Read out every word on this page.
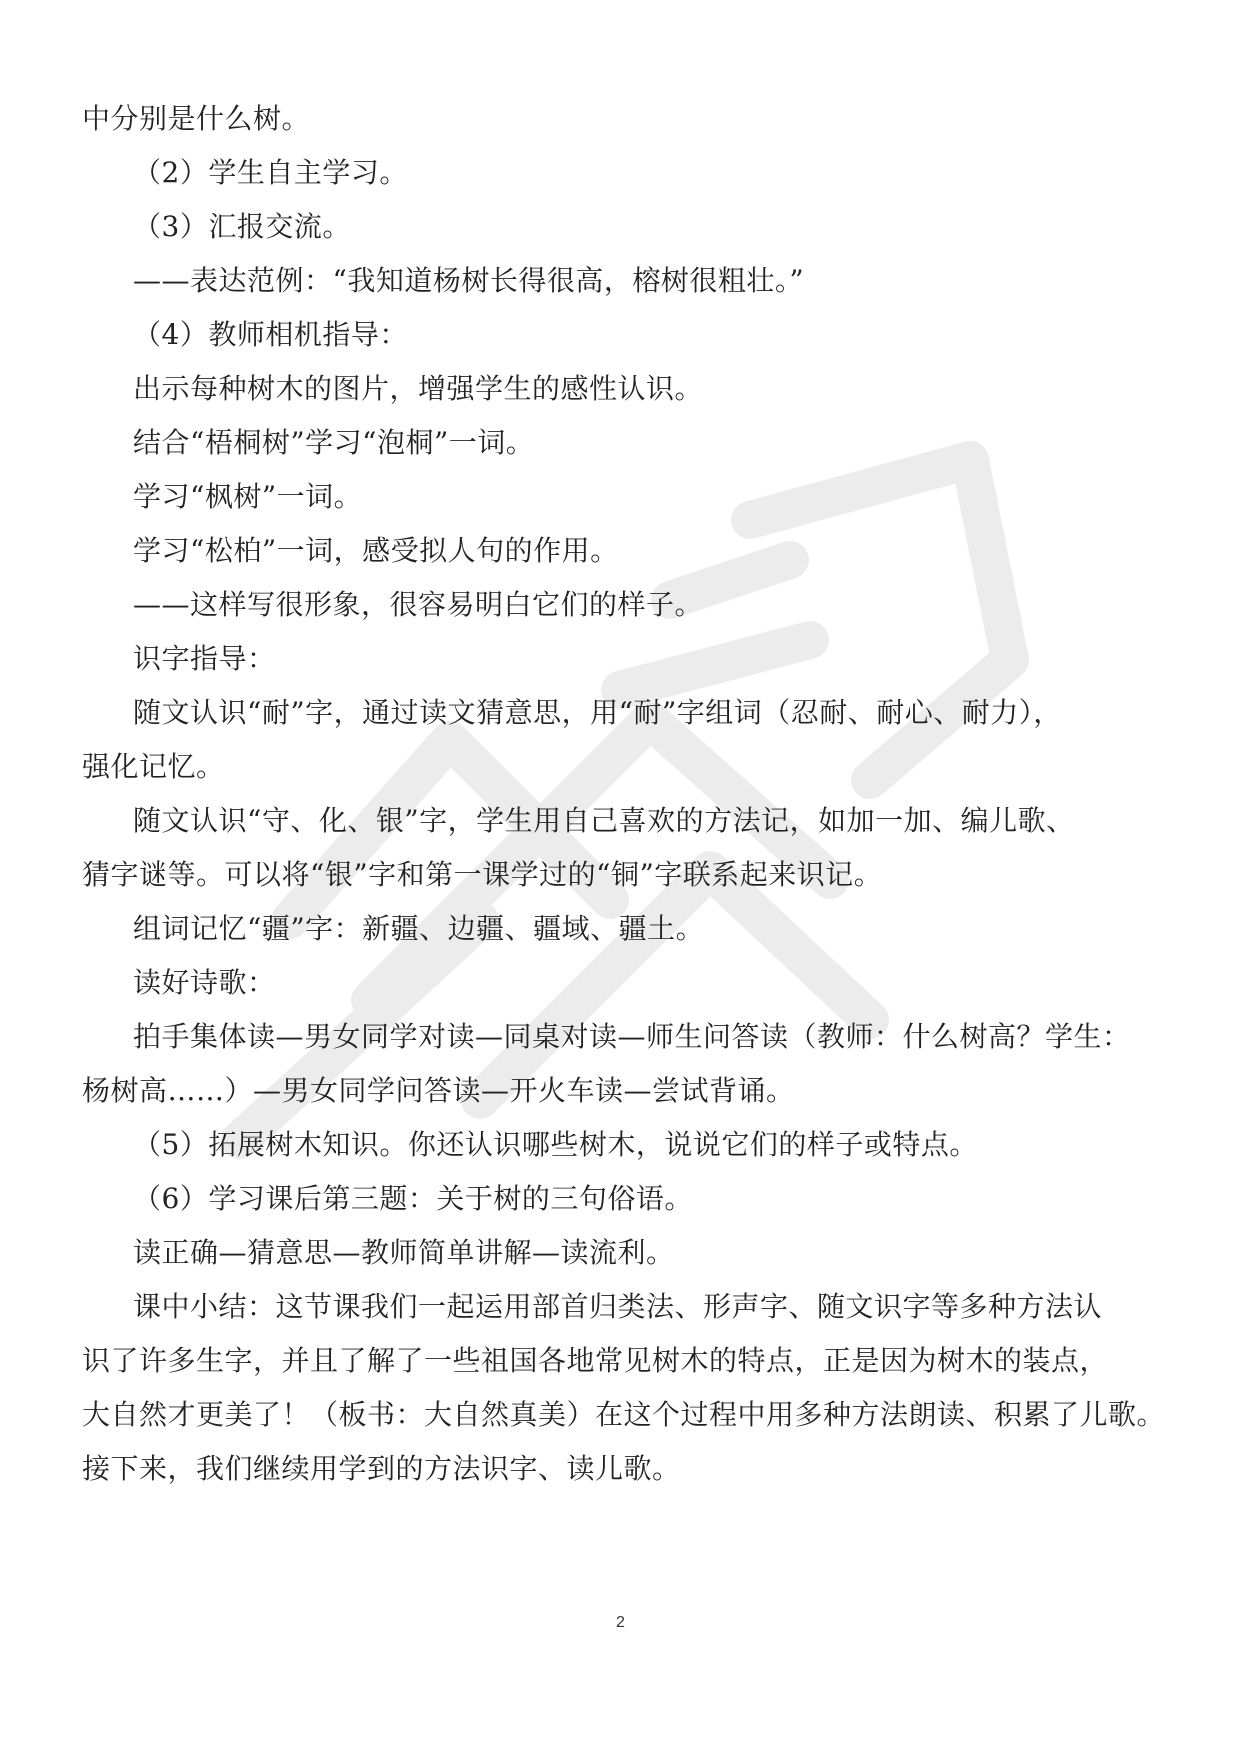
中分别是什么树。
（2）学生自主学习。
（3）汇报交流。
——表达范例：“我知道杨树长得很高，榕树很粗壮。”
（4）教师相机指导：
出示每种树木的图片，增强学生的感性认识。
结合“梧桐树”学习“泡桐”一词。
学习“枫树”一词。
学习“松柏”一词，感受拟人句的作用。
——这样写很形象，很容易明白它们的样子。
识字指导：
随文认识“耐”字，通过读文猜意思，用“耐”字组词（忍耐、耐心、耐力），
强化记忆。
随文认识“守、化、银”字，学生用自己喜欢的方法记，如加一加、编儿歌、
猜字谜等。可以将“银”字和第一课学过的“铜”字联系起来识记。
组词记忆“疆”字：新疆、边疆、疆域、疆土。
读好诗歌：
拍手集体读—男女同学对读—同桌对读—师生问答读（教师：什么树高？学生：
杨树高……）—男女同学问答读—开火车读—尝试背诵。
（5）拓展树木知识。你还认识哪些树木，说说它们的样子或特点。
（6）学习课后第三题：关于树的三句俗语。
读正确—猜意思—教师简单讲解—读流利。
课中小结：这节课我们一起运用部首归类法、形声字、随文识字等多种方法认
识了许多生字，并且了解了一些祖国各地常见树木的特点，正是因为树木的装点，
大自然才更美了！（板书：大自然真美）在这个过程中用多种方法朗读、积累了儿歌。
接下来，我们继续用学到的方法识字、读儿歌。
2
